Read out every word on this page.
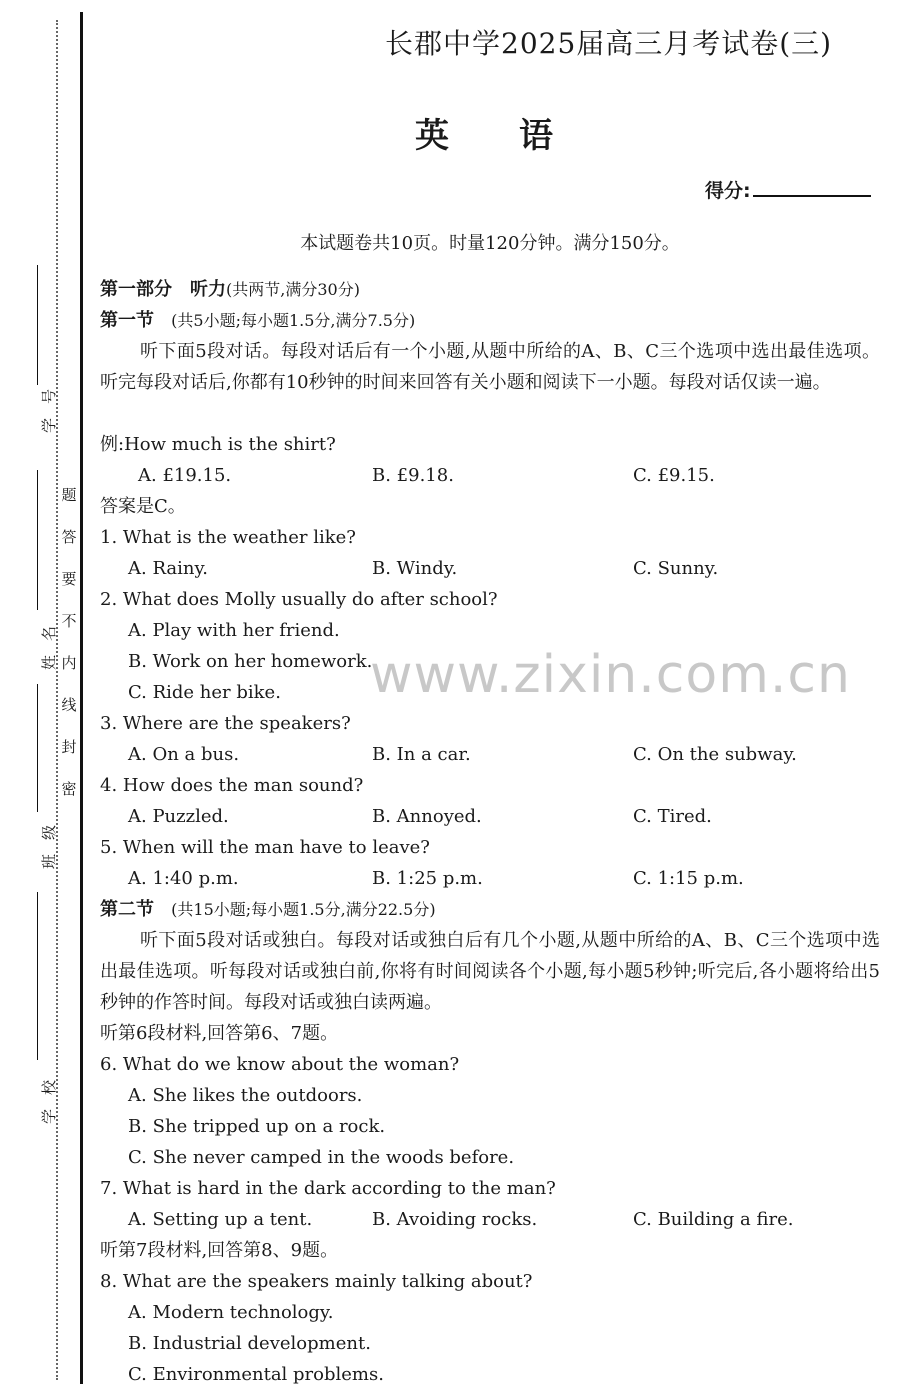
学号
姓名
班级
学校
题
答
要
不
内
线
封
密
www.zixin.com.cn
长郡中学2025届高三月考试卷(三)
英语
得分:
本试题卷共10页。时量120分钟。满分150分。
第一部分　听力(共两节,满分30分)
第一节 (共5小题;每小题1.5分,满分7.5分)
听下面5段对话。每段对话后有一个小题,从题中所给的A、B、C三个选项中选出最佳选项。听完每段对话后,你都有10秒钟的时间来回答有关小题和阅读下一小题。每段对话仅读一遍。
例:How much is the shirt?
A. £19.15.	B. £9.18.	C. £9.15.
答案是C。
1. What is the weather like?
A. Rainy.	B. Windy.	C. Sunny.
2. What does Molly usually do after school?
A. Play with her friend.
B. Work on her homework.
C. Ride her bike.
3. Where are the speakers?
A. On a bus.	B. In a car.	C. On the subway.
4. How does the man sound?
A. Puzzled.	B. Annoyed.	C. Tired.
5. When will the man have to leave?
A. 1:40 p.m.	B. 1:25 p.m.	C. 1:15 p.m.
第二节 (共15小题;每小题1.5分,满分22.5分)
听下面5段对话或独白。每段对话或独白后有几个小题,从题中所给的A、B、C三个选项中选出最佳选项。听每段对话或独白前,你将有时间阅读各个小题,每小题5秒钟;听完后,各小题将给出5秒钟的作答时间。每段对话或独白读两遍。
听第6段材料,回答第6、7题。
6. What do we know about the woman?
A. She likes the outdoors.
B. She tripped up on a rock.
C. She never camped in the woods before.
7. What is hard in the dark according to the man?
A. Setting up a tent.	B. Avoiding rocks.	C. Building a fire.
听第7段材料,回答第8、9题。
8. What are the speakers mainly talking about?
A. Modern technology.
B. Industrial development.
C. Environmental problems.
